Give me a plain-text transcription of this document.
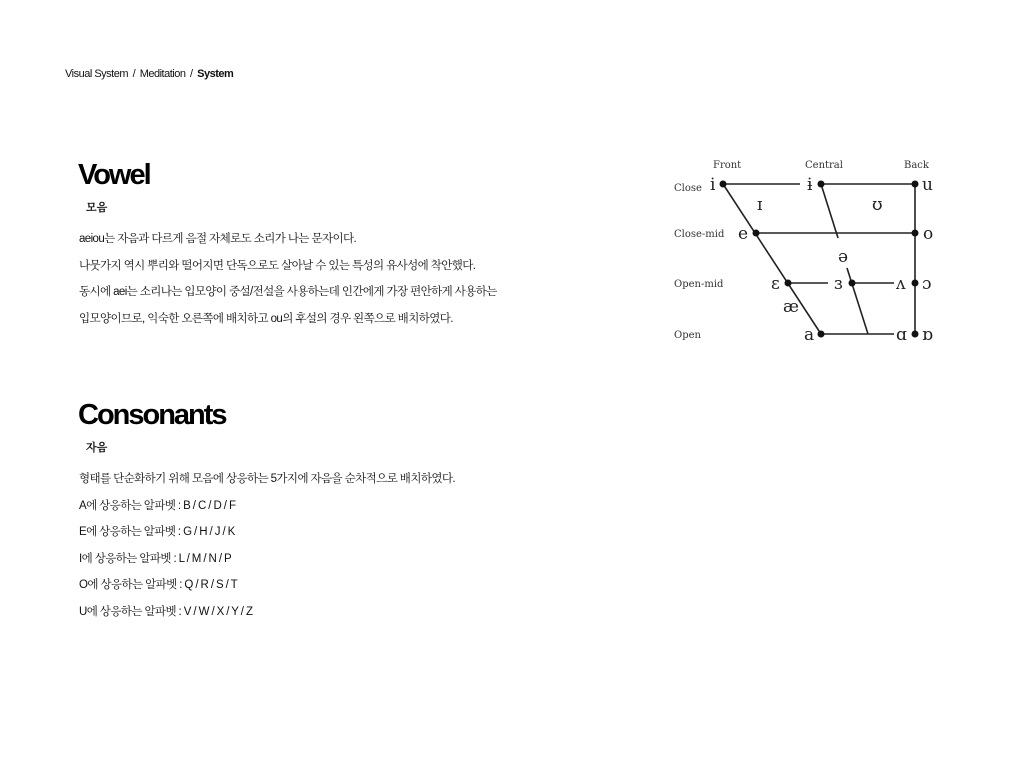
Visual System / Meditation / System
Vowel
모음
aeiou는 자음과 다르게 음절 자체로도 소리가 나는 문자이다.
나뭇가지 역시 뿌리와 떨어지면 단독으로도 살아날 수 있는 특성의 유사성에 착안했다.
동시에 aei는 소리나는 입모양이 중설/전설을 사용하는데 인간에게 가장 편안하게 사용하는
입모양이므로, 익숙한 오른쪽에 배치하고 ou의 후설의 경우 왼쪽으로 배치하였다.
Front	Central	Back
Close
Close-mid
Open-mid
Open
i	ɨ	u
ɪ	ʊ
e	o
ə
ɛ	ɜ	ʌ ɔ
æ
a	ɑ ɒ
Consonants
자음
형태를 단순화하기 위해 모음에 상응하는 5가지에 자음을 순차적으로 배치하였다.
A에 상응하는 알파벳 : B / C / D / F
E에 상응하는 알파벳 : G / H / J / K
I에 상응하는 알파벳 : L / M / N / P
O에 상응하는 알파벳 : Q / R / S / T
U에 상응하는 알파벳 : V / W / X / Y / Z
